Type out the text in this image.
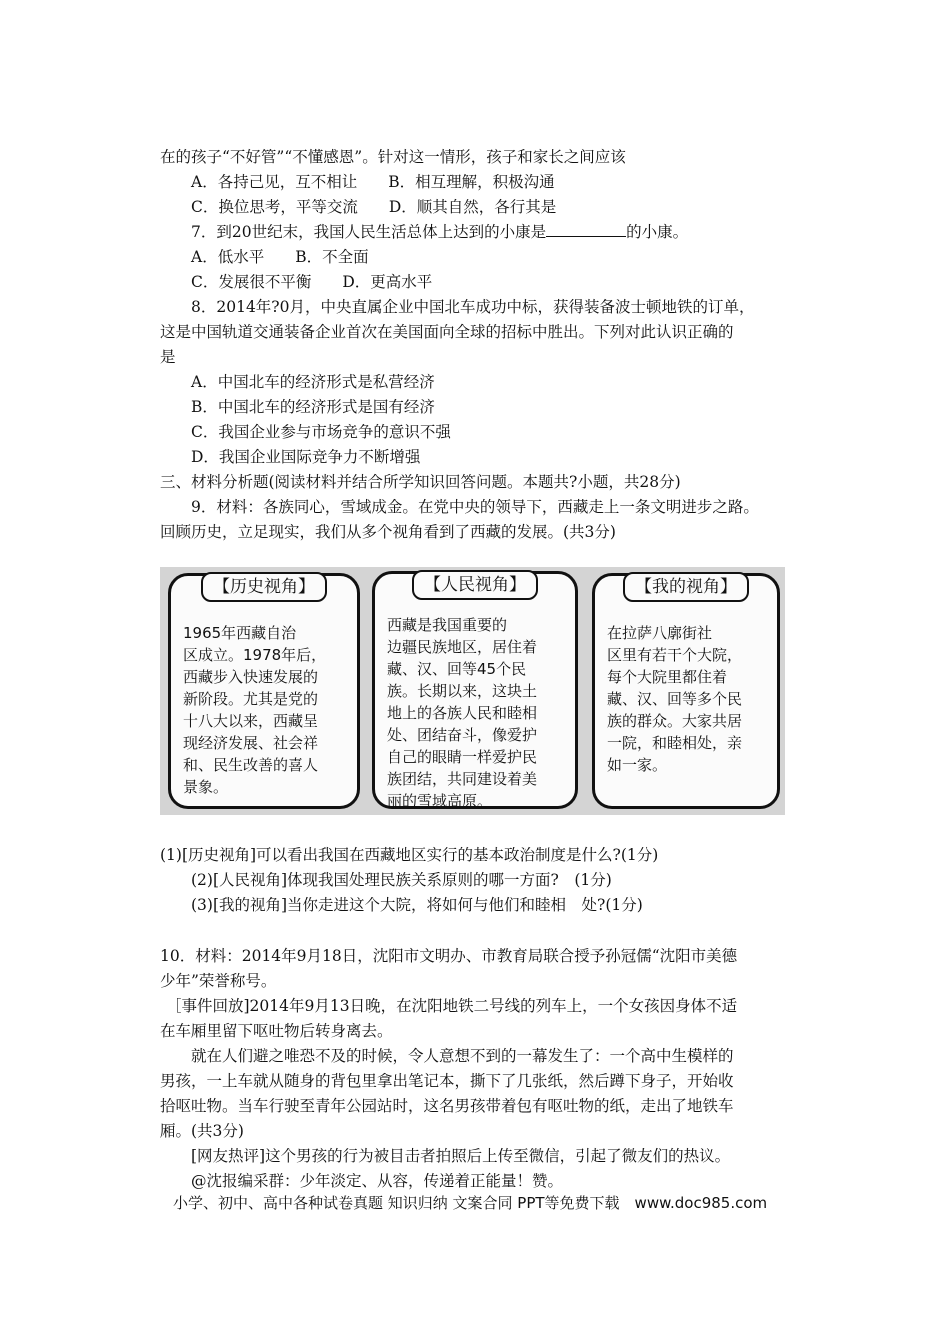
在的孩子“不好管”“不懂感恩”。针对这一情形，孩子和家长之间应该
A．各持己见，互不相让　　B．相互理解，积极沟通
C．换位思考，平等交流　　D．顺其自然，各行其是
7．到20世纪末，我国人民生活总体上达到的小康是	的小康。
A．低水平　　B．不全面
C．发展很不平衡　　D．更高水平
8．2014年?0月，中央直属企业中国北车成功中标，获得装备波士顿地铁的订单，
这是中国轨道交通装备企业首次在美国面向全球的招标中胜出。下列对此认识正确的
是
A．中国北车的经济形式是私营经济
B．中国北车的经济形式是国有经济
C．我国企业参与市场竞争的意识不强
D．我国企业国际竞争力不断增强
三、材料分析题(阅读材料并结合所学知识回答问题。本题共?小题，共28分)
9．材料：各族同心，雪域成金。在党中央的领导下，西藏走上一条文明进步之路。
回顾历史，立足现实，我们从多个视角看到了西藏的发展。(共3分)
【历史视角】
1965年西藏自治
区成立。1978年后，
西藏步入快速发展的
新阶段。尤其是党的
十八大以来，西藏呈
现经济发展、社会祥
和、民生改善的喜人
景象。
【人民视角】
西藏是我国重要的
边疆民族地区，居住着
藏、汉、回等45个民
族。长期以来，这块土
地上的各族人民和睦相
处、团结奋斗，像爱护
自己的眼睛一样爱护民
族团结，共同建设着美
丽的雪域高原。
【我的视角】
在拉萨八廓街社
区里有若干个大院，
每个大院里都住着
藏、汉、回等多个民
族的群众。大家共居
一院，和睦相处，亲
如一家。
(1)[历史视角]可以看出我国在西藏地区实行的基本政治制度是什么?(1分)
(2)[人民视角]体现我国处理民族关系原则的哪一方面?　(1分)
(3)[我的视角]当你走进这个大院，将如何与他们和睦相　处?(1分)
10．材料：2014年9月18日，沈阳市文明办、市教育局联合授予孙冠儒“沈阳市美德
少年”荣誉称号。
［事件回放]2014年9月13日晚，在沈阳地铁二号线的列车上，一个女孩因身体不适
在车厢里留下呕吐物后转身离去。
就在人们避之唯恐不及的时候，令人意想不到的一幕发生了：一个高中生模样的
男孩，一上车就从随身的背包里拿出笔记本，撕下了几张纸，然后蹲下身子，开始收
拾呕吐物。当车行驶至青年公园站时，这名男孩带着包有呕吐物的纸，走出了地铁车
厢。(共3分)
[网友热评]这个男孩的行为被目击者拍照后上传至微信，引起了微友们的热议。
@沈报编采群：少年淡定、从容，传递着正能量！赞。
小学、初中、高中各种试卷真题 知识归纳 文案合同 PPT等免费下载　www.doc985.com
